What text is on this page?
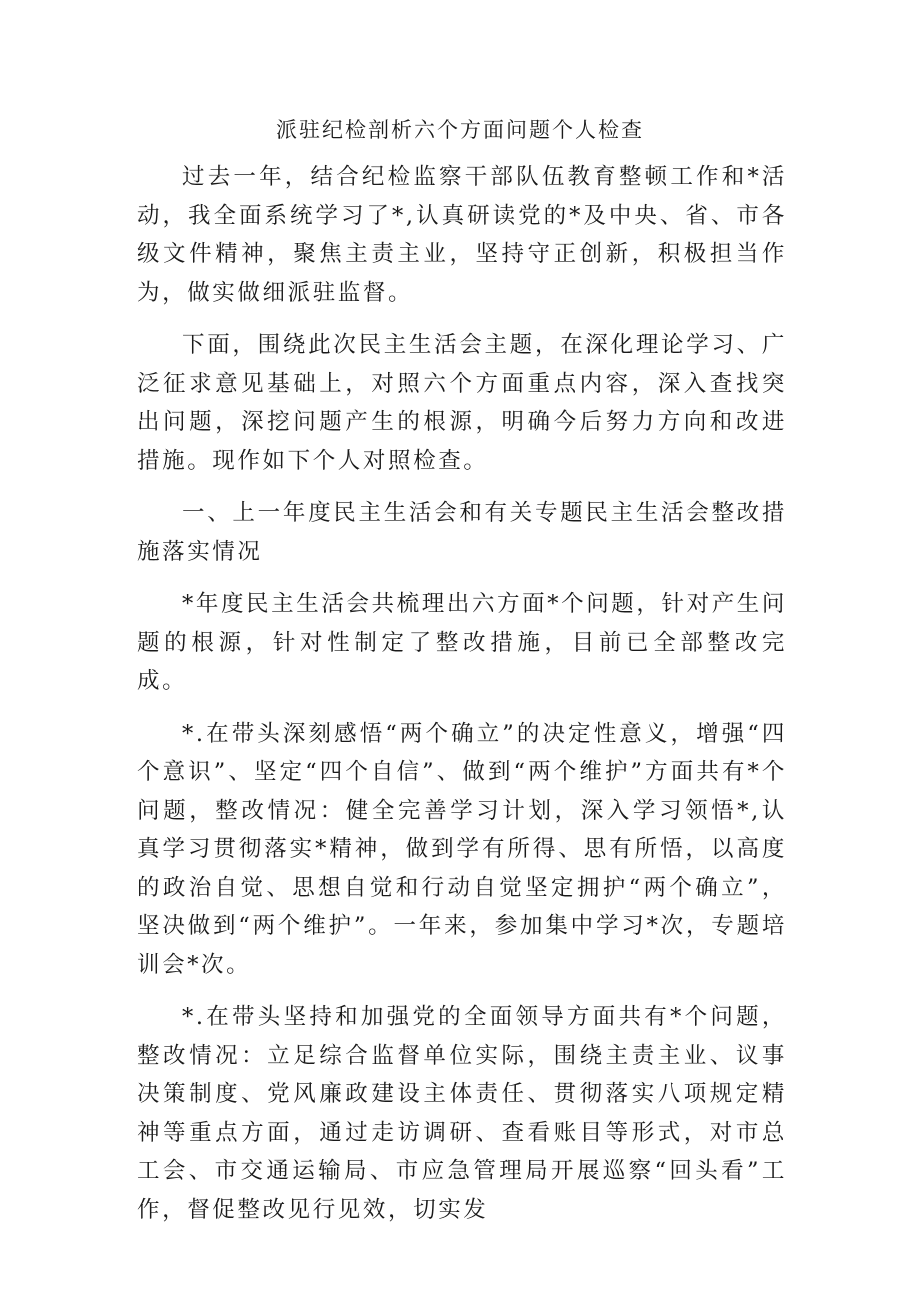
派驻纪检剖析六个方面问题个人检查

过去一年，结合纪检监察干部队伍教育整顿工作和*活动，我全面系统学习了*,认真研读党的*及中央、省、市各级文件精神，聚焦主责主业，坚持守正创新，积极担当作为，做实做细派驻监督。

下面，围绕此次民主生活会主题，在深化理论学习、广泛征求意见基础上，对照六个方面重点内容，深入查找突出问题，深挖问题产生的根源，明确今后努力方向和改进措施。现作如下个人对照检查。

一、上一年度民主生活会和有关专题民主生活会整改措施落实情况

*年度民主生活会共梳理出六方面*个问题，针对产生问题的根源，针对性制定了整改措施，目前已全部整改完成。

*.在带头深刻感悟“两个确立”的决定性意义，增强“四个意识”、坚定“四个自信”、做到“两个维护”方面共有*个问题，整改情况：健全完善学习计划，深入学习领悟*,认真学习贯彻落实*精神，做到学有所得、思有所悟，以高度的政治自觉、思想自觉和行动自觉坚定拥护“两个确立”，坚决做到“两个维护”。一年来，参加集中学习*次，专题培训会*次。

*.在带头坚持和加强党的全面领导方面共有*个问题，整改情况：立足综合监督单位实际，围绕主责主业、议事决策制度、党风廉政建设主体责任、贯彻落实八项规定精神等重点方面，通过走访调研、查看账目等形式，对市总工会、市交通运输局、市应急管理局开展巡察“回头看”工作，督促整改见行见效，切实发
